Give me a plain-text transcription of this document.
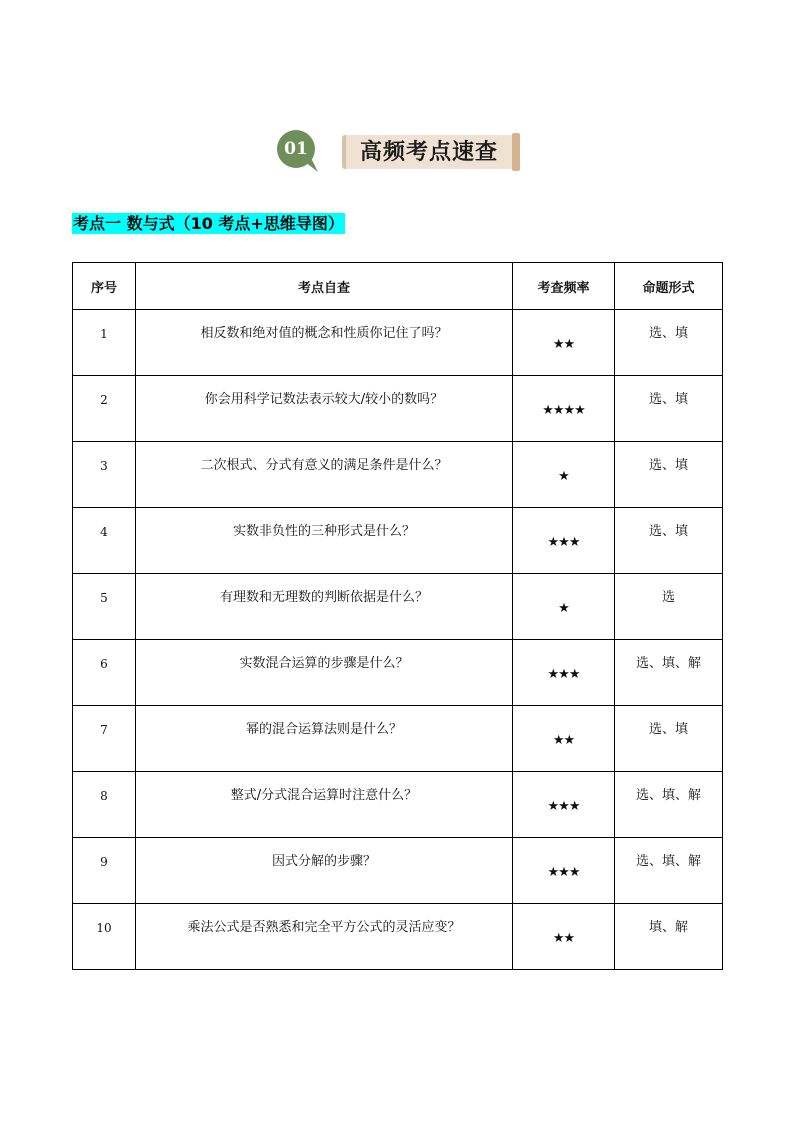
01	高频考点速查
考点一 数与式（10 考点+思维导图）
序号	考点自查	考查频率	命题形式

1	相反数和绝对值的概念和性质你记住了吗？	★★	选、填

2	你会用科学记数法表示较大/较小的数吗？	★★★★	选、填

3	二次根式、分式有意义的满足条件是什么？	★	选、填

4	实数非负性的三种形式是什么？	★★★	选、填

5	有理数和无理数的判断依据是什么？	★	选

6	实数混合运算的步骤是什么？	★★★	选、填、解

7	幂的混合运算法则是什么？	★★	选、填

8	整式/分式混合运算时注意什么？	★★★	选、填、解

9	因式分解的步骤？	★★★	选、填、解

10	乘法公式是否熟悉和完全平方公式的灵活应变？	★★	填、解
